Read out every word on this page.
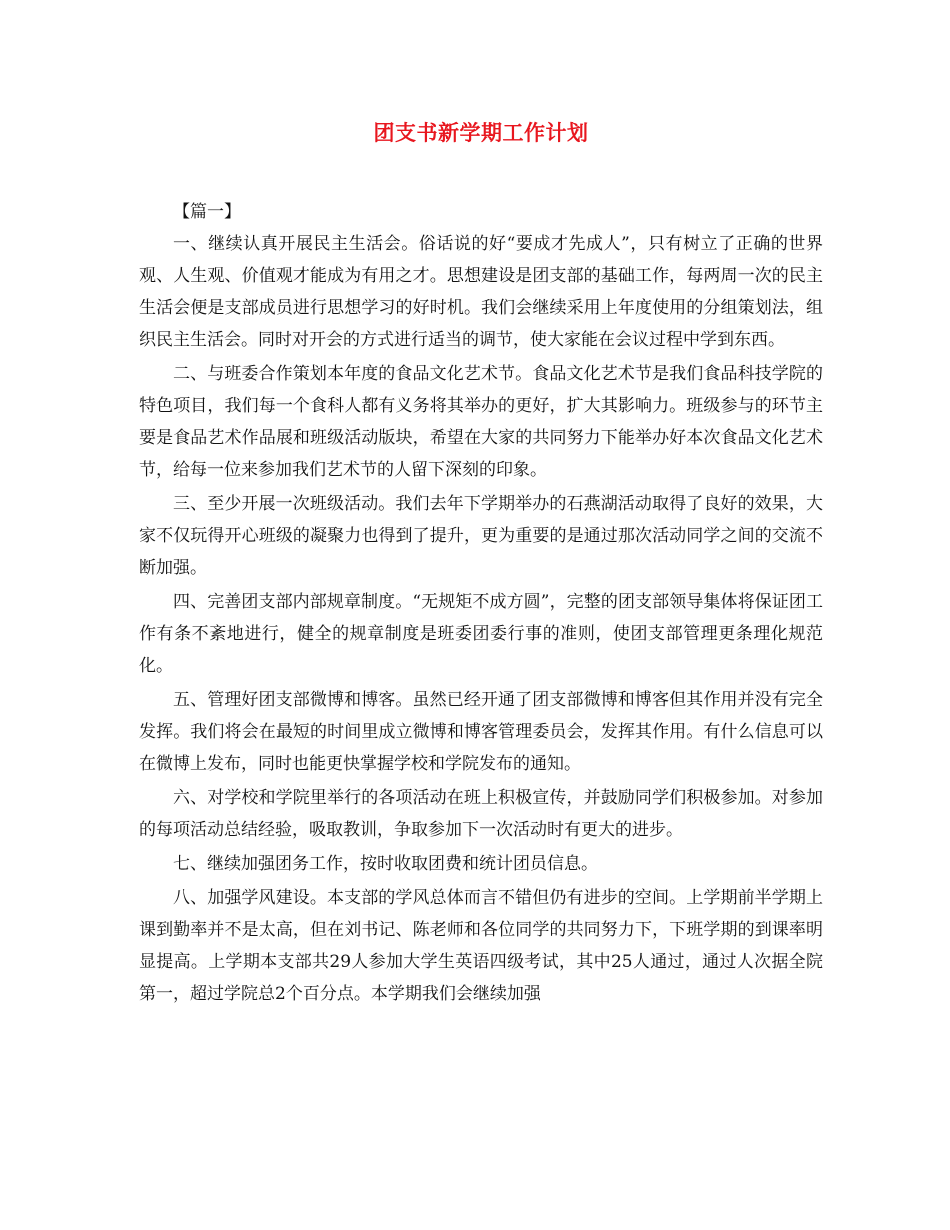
团支书新学期工作计划

【篇一】

一、继续认真开展民主生活会。俗话说的好“要成才先成人”，只有树立了正确的世界观、人生观、价值观才能成为有用之才。思想建设是团支部的基础工作，每两周一次的民主生活会便是支部成员进行思想学习的好时机。我们会继续采用上年度使用的分组策划法，组织民主生活会。同时对开会的方式进行适当的调节，使大家能在会议过程中学到东西。

二、与班委合作策划本年度的食品文化艺术节。食品文化艺术节是我们食品科技学院的特色项目，我们每一个食科人都有义务将其举办的更好，扩大其影响力。班级参与的环节主要是食品艺术作品展和班级活动版块，希望在大家的共同努力下能举办好本次食品文化艺术节，给每一位来参加我们艺术节的人留下深刻的印象。

三、至少开展一次班级活动。我们去年下学期举办的石燕湖活动取得了良好的效果，大家不仅玩得开心班级的凝聚力也得到了提升，更为重要的是通过那次活动同学之间的交流不断加强。

四、完善团支部内部规章制度。“无规矩不成方圆”，完整的团支部领导集体将保证团工作有条不紊地进行，健全的规章制度是班委团委行事的准则，使团支部管理更条理化规范化。

五、管理好团支部微博和博客。虽然已经开通了团支部微博和博客但其作用并没有完全发挥。我们将会在最短的时间里成立微博和博客管理委员会，发挥其作用。有什么信息可以在微博上发布，同时也能更快掌握学校和学院发布的通知。

六、对学校和学院里举行的各项活动在班上积极宣传，并鼓励同学们积极参加。对参加的每项活动总结经验，吸取教训，争取参加下一次活动时有更大的进步。

七、继续加强团务工作，按时收取团费和统计团员信息。

八、加强学风建设。本支部的学风总体而言不错但仍有进步的空间。上学期前半学期上课到勤率并不是太高，但在刘书记、陈老师和各位同学的共同努力下，下班学期的到课率明显提高。上学期本支部共29人参加大学生英语四级考试，其中25人通过，通过人次据全院第一，超过学院总2个百分点。本学期我们会继续加强
